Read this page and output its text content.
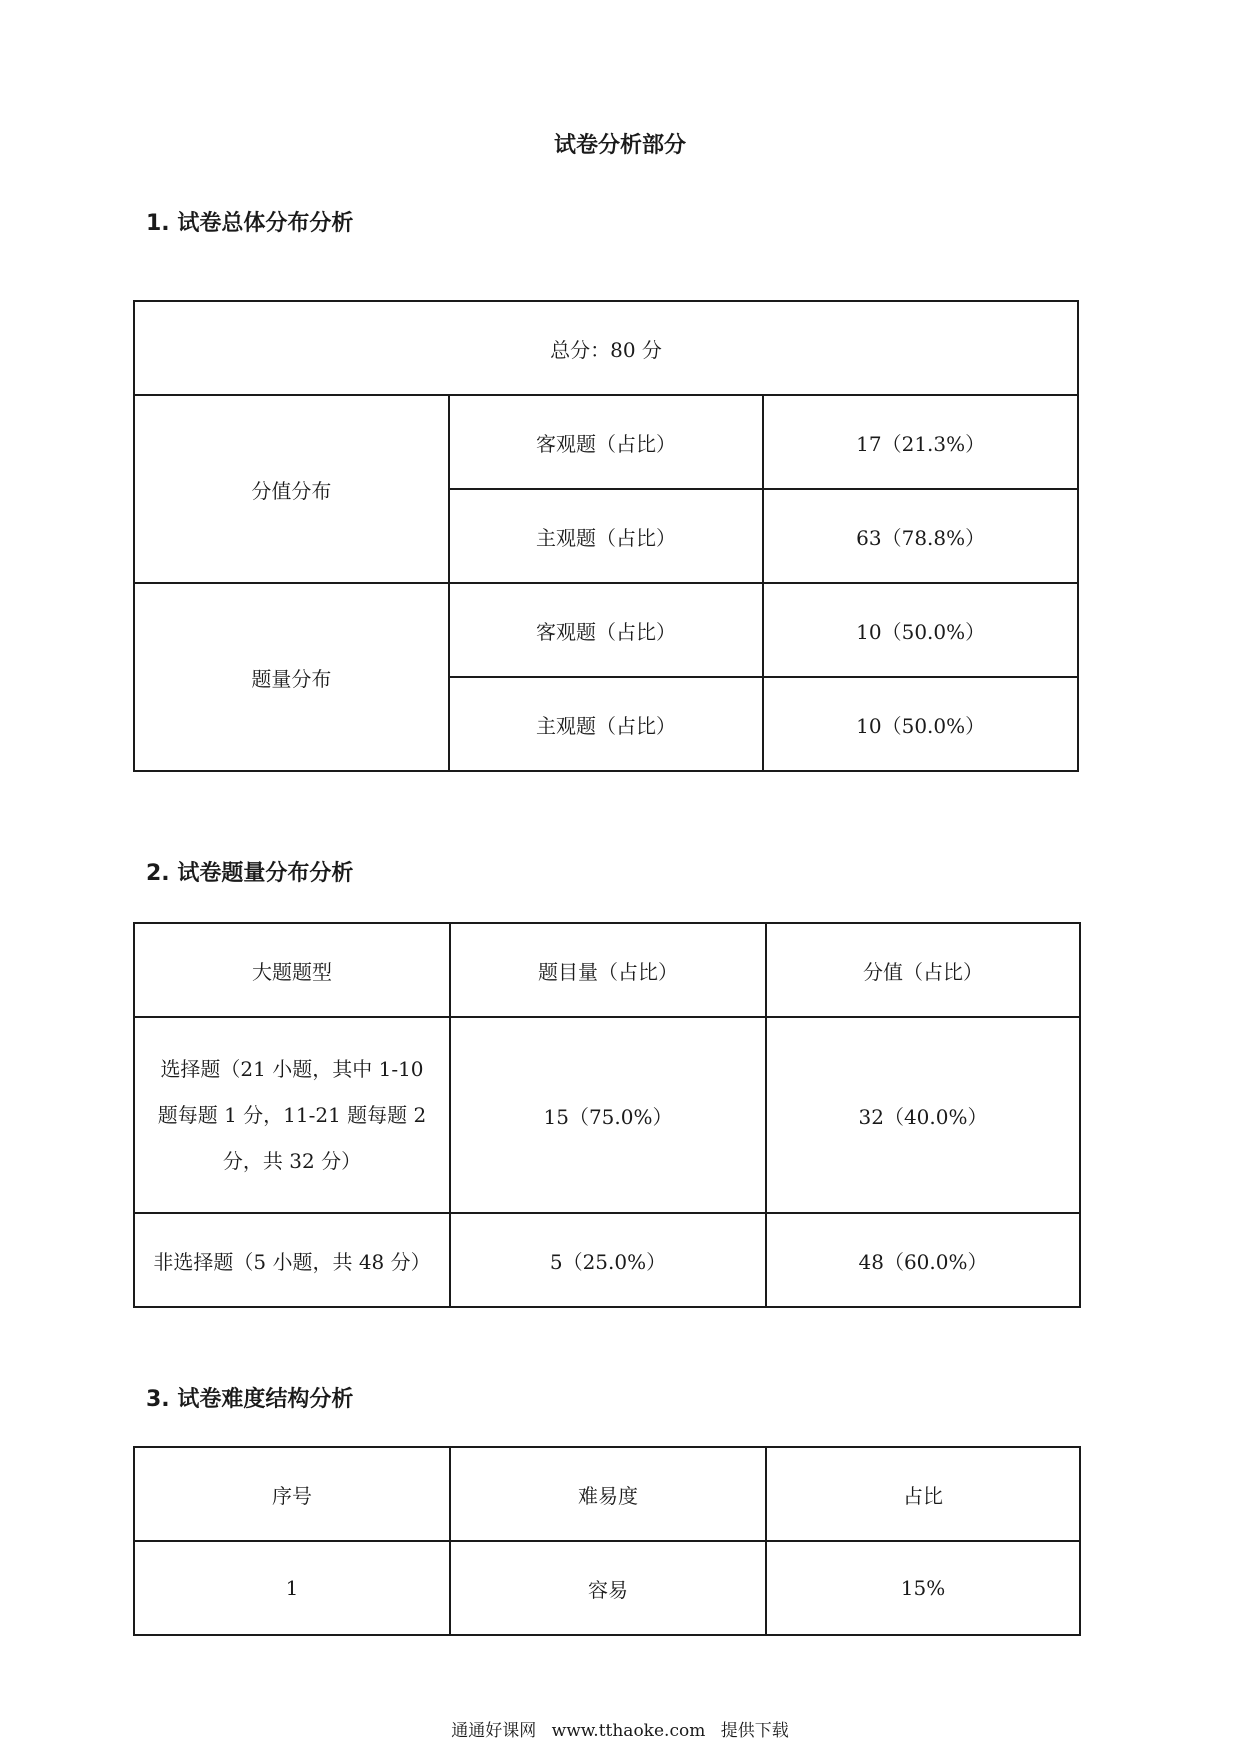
试卷分析部分
1. 试卷总体分布分析
总分：80 分		
分值分布	客观题（占比）	17（21.3%）
	主观题（占比）	63（78.8%）
题量分布	客观题（占比）	10（50.0%）
	主观题（占比）	10（50.0%）
2. 试卷题量分布分析
大题题型	题目量（占比）	分值（占比）

选择题（21 小题，其中 1-10
题每题 1 分，11-21 题每题 2
分，共 32 分）	15（75.0%）	32（40.0%）
非选择题（5 小题，共 48 分）	5（25.0%）	48（60.0%）
3. 试卷难度结构分析
序号	难易度	占比
1	容易	15%
通通好课网 www.tthaoke.com 提供下载
